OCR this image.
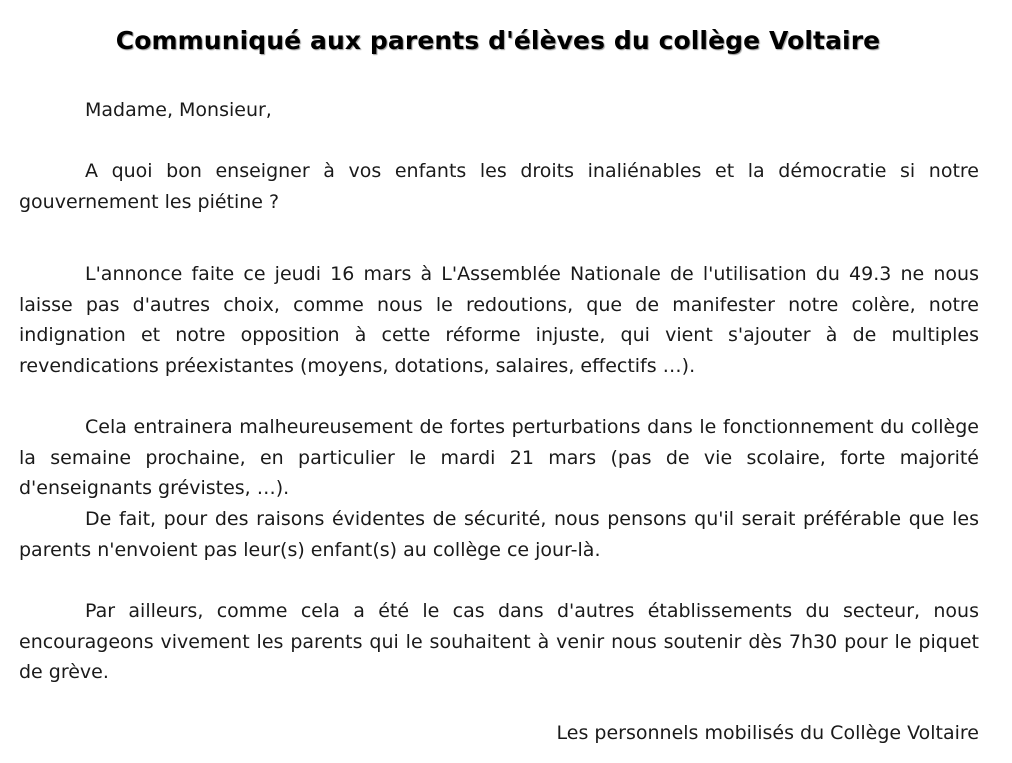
Communiqué aux parents d'élèves du collège Voltaire

Madame, Monsieur,

A quoi bon enseigner à vos enfants les droits inaliénables et la démocratie si notre gouvernement les piétine ?

L'annonce faite ce jeudi 16 mars à L'Assemblée Nationale de l'utilisation du 49.3 ne nous laisse pas d'autres choix, comme nous le redoutions, que de manifester notre colère, notre indignation et notre opposition à cette réforme injuste, qui vient s'ajouter à de multiples revendications préexistantes (moyens, dotations, salaires, effectifs …).

Cela entrainera malheureusement de fortes perturbations dans le fonctionnement du collège la semaine prochaine, en particulier le mardi 21 mars (pas de vie scolaire, forte majorité d'enseignants grévistes, …).

De fait, pour des raisons évidentes de sécurité, nous pensons qu'il serait préférable que les parents n'envoient pas leur(s) enfant(s) au collège ce jour-là.

Par ailleurs, comme cela a été le cas dans d'autres établissements du secteur, nous encourageons vivement les parents qui le souhaitent à venir nous soutenir dès 7h30 pour le piquet de grève.

Les personnels mobilisés du Collège Voltaire
